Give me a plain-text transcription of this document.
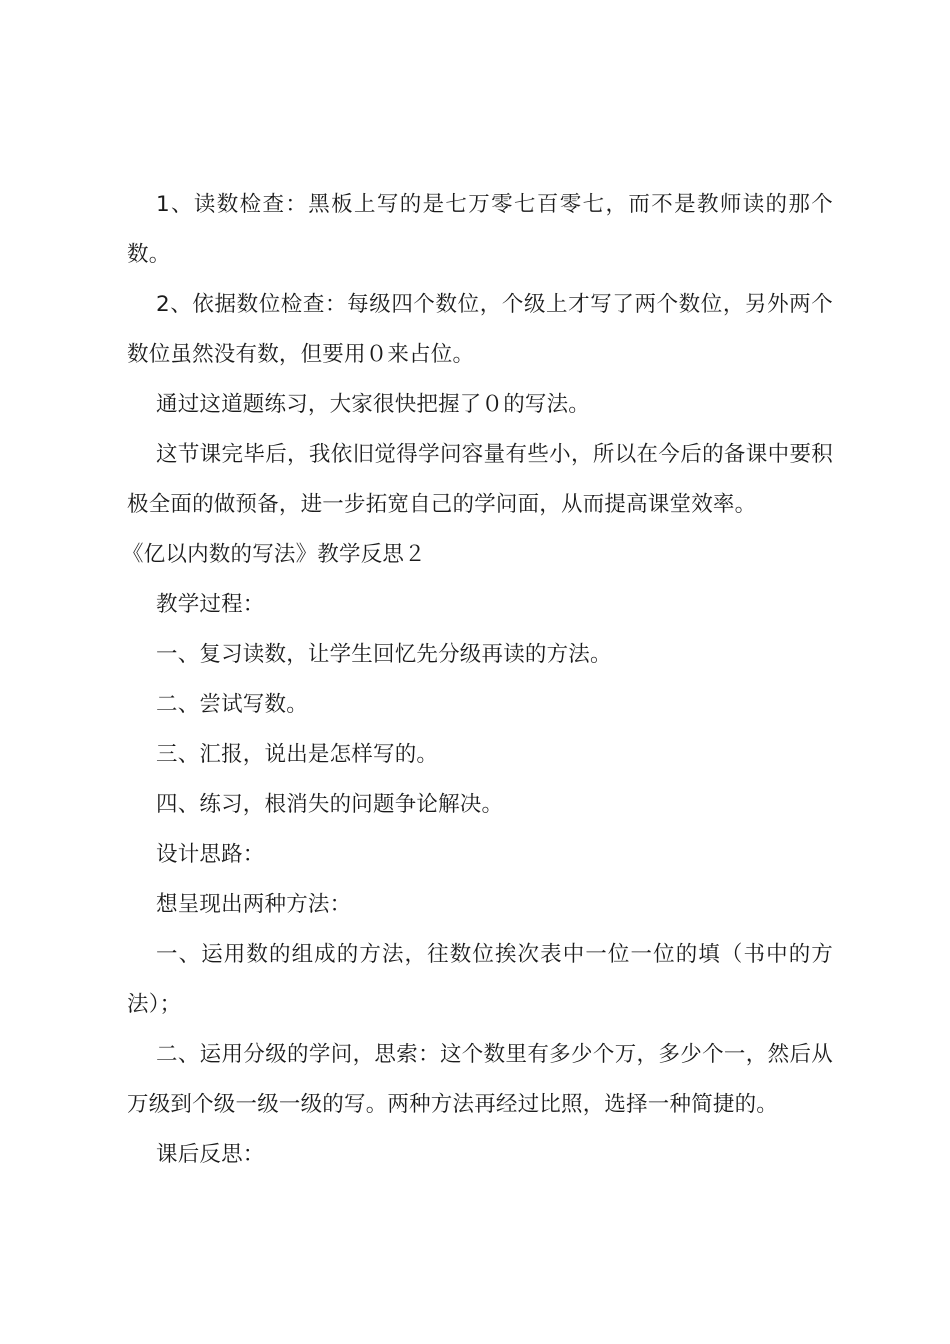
1、读数检查：黑板上写的是七万零七百零七，而不是教师读的那个数。

2、依据数位检查：每级四个数位，个级上才写了两个数位，另外两个数位虽然没有数，但要用０来占位。

通过这道题练习，大家很快把握了０的写法。

这节课完毕后，我依旧觉得学问容量有些小，所以在今后的备课中要积极全面的做预备，进一步拓宽自己的学问面，从而提高课堂效率。

《亿以内数的写法》教学反思２

教学过程：

一、复习读数，让学生回忆先分级再读的方法。

二、尝试写数。

三、汇报，说出是怎样写的。

四、练习，根消失的问题争论解决。

设计思路：

想呈现出两种方法：

一、运用数的组成的方法，往数位挨次表中一位一位的填（书中的方法）；

二、运用分级的学问，思索：这个数里有多少个万，多少个一，然后从万级到个级一级一级的写。两种方法再经过比照，选择一种简捷的。

课后反思：
